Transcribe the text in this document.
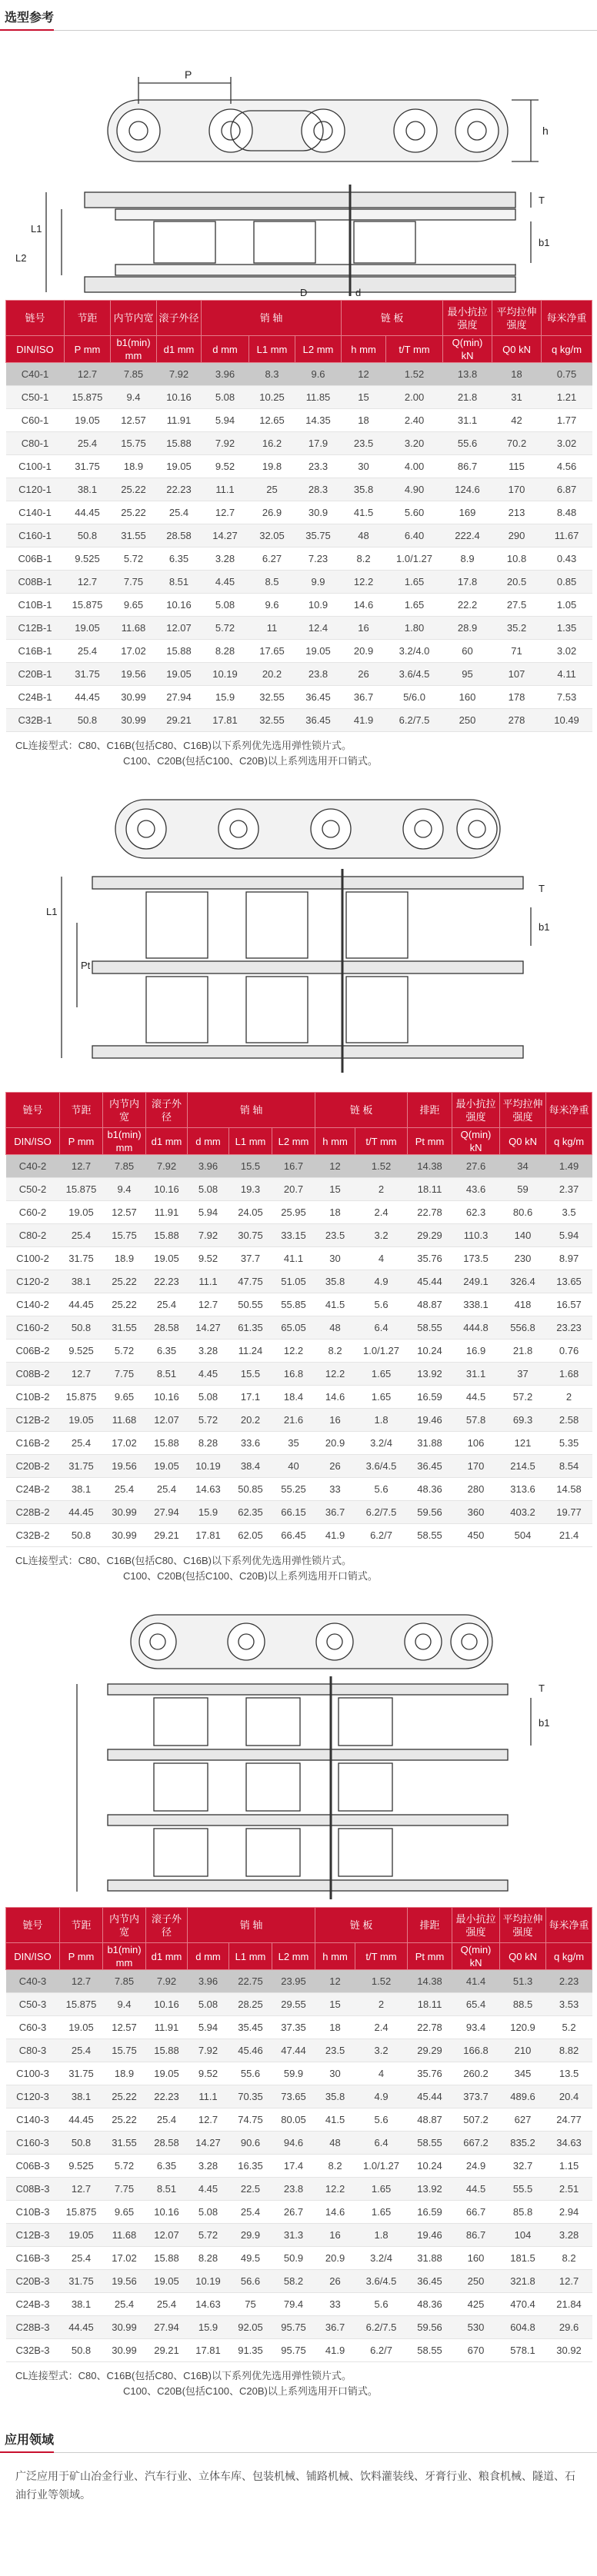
选型参考
P
h
T
b1
L1
L2
D	d
链号	节距	内节内宽	滚子外径	销 轴			链 板		最小抗拉强度	平均拉伸强度	每米净重
DIN/ISO	P mm	b1(min) mm	d1 mm	d mm	L1 mm	L2 mm	h mm	t/T mm	Q(min) kN	Q0 kN	q kg/m
C40-1	12.7	7.85	7.92	3.96	8.3	9.6	12	1.52	13.8	18	0.75
C50-1	15.875	9.4	10.16	5.08	10.25	11.85	15	2.00	21.8	31	1.21
C60-1	19.05	12.57	11.91	5.94	12.65	14.35	18	2.40	31.1	42	1.77
C80-1	25.4	15.75	15.88	7.92	16.2	17.9	23.5	3.20	55.6	70.2	3.02
C100-1	31.75	18.9	19.05	9.52	19.8	23.3	30	4.00	86.7	115	4.56
C120-1	38.1	25.22	22.23	11.1	25	28.3	35.8	4.90	124.6	170	6.87
C140-1	44.45	25.22	25.4	12.7	26.9	30.9	41.5	5.60	169	213	8.48
C160-1	50.8	31.55	28.58	14.27	32.05	35.75	48	6.40	222.4	290	11.67
C06B-1	9.525	5.72	6.35	3.28	6.27	7.23	8.2	1.0/1.27	8.9	10.8	0.43
C08B-1	12.7	7.75	8.51	4.45	8.5	9.9	12.2	1.65	17.8	20.5	0.85
C10B-1	15.875	9.65	10.16	5.08	9.6	10.9	14.6	1.65	22.2	27.5	1.05
C12B-1	19.05	11.68	12.07	5.72	11	12.4	16	1.80	28.9	35.2	1.35
C16B-1	25.4	17.02	15.88	8.28	17.65	19.05	20.9	3.2/4.0	60	71	3.02
C20B-1	31.75	19.56	19.05	10.19	20.2	23.8	26	3.6/4.5	95	107	4.11
C24B-1	44.45	30.99	27.94	15.9	32.55	36.45	36.7	5/6.0	160	178	7.53
C32B-1	50.8	30.99	29.21	17.81	32.55	36.45	41.9	6.2/7.5	250	278	10.49
CL连接型式：C80、C16B(包括C80、C16B)以下系列优先选用弹性锁片式。
C100、C20B(包括C100、C20B)以上系列选用开口销式。
L1
Pt
T
b1
链号	节距	内节内宽	滚子外径	销 轴			链 板		排距	最小抗拉强度	平均拉伸强度	每米净重
DIN/ISO	P mm	b1(min) mm	d1 mm	d mm	L1 mm	L2 mm	h mm	t/T mm	Pt mm	Q(min) kN	Q0 kN	q kg/m
C40-2	12.7	7.85	7.92	3.96	15.5	16.7	12	1.52	14.38	27.6	34	1.49
C50-2	15.875	9.4	10.16	5.08	19.3	20.7	15	2	18.11	43.6	59	2.37
C60-2	19.05	12.57	11.91	5.94	24.05	25.95	18	2.4	22.78	62.3	80.6	3.5
C80-2	25.4	15.75	15.88	7.92	30.75	33.15	23.5	3.2	29.29	110.3	140	5.94
C100-2	31.75	18.9	19.05	9.52	37.7	41.1	30	4	35.76	173.5	230	8.97
C120-2	38.1	25.22	22.23	11.1	47.75	51.05	35.8	4.9	45.44	249.1	326.4	13.65
C140-2	44.45	25.22	25.4	12.7	50.55	55.85	41.5	5.6	48.87	338.1	418	16.57
C160-2	50.8	31.55	28.58	14.27	61.35	65.05	48	6.4	58.55	444.8	556.8	23.23
C06B-2	9.525	5.72	6.35	3.28	11.24	12.2	8.2	1.0/1.27	10.24	16.9	21.8	0.76
C08B-2	12.7	7.75	8.51	4.45	15.5	16.8	12.2	1.65	13.92	31.1	37	1.68
C10B-2	15.875	9.65	10.16	5.08	17.1	18.4	14.6	1.65	16.59	44.5	57.2	2
C12B-2	19.05	11.68	12.07	5.72	20.2	21.6	16	1.8	19.46	57.8	69.3	2.58
C16B-2	25.4	17.02	15.88	8.28	33.6	35	20.9	3.2/4	31.88	106	121	5.35
C20B-2	31.75	19.56	19.05	10.19	38.4	40	26	3.6/4.5	36.45	170	214.5	8.54
C24B-2	38.1	25.4	25.4	14.63	50.85	55.25	33	5.6	48.36	280	313.6	14.58
C28B-2	44.45	30.99	27.94	15.9	62.35	66.15	36.7	6.2/7.5	59.56	360	403.2	19.77
C32B-2	50.8	30.99	29.21	17.81	62.05	66.45	41.9	6.2/7	58.55	450	504	21.4
CL连接型式：C80、C16B(包括C80、C16B)以下系列优先选用弹性锁片式。
C100、C20B(包括C100、C20B)以上系列选用开口销式。
b1
T
链号	节距	内节内宽	滚子外径	销 轴			链 板		排距	最小抗拉强度	平均拉伸强度	每米净重
DIN/ISO	P mm	b1(min) mm	d1 mm	d mm	L1 mm	L2 mm	h mm	t/T mm	Pt mm	Q(min) kN	Q0 kN	q kg/m
C40-3	12.7	7.85	7.92	3.96	22.75	23.95	12	1.52	14.38	41.4	51.3	2.23
C50-3	15.875	9.4	10.16	5.08	28.25	29.55	15	2	18.11	65.4	88.5	3.53
C60-3	19.05	12.57	11.91	5.94	35.45	37.35	18	2.4	22.78	93.4	120.9	5.2
C80-3	25.4	15.75	15.88	7.92	45.46	47.44	23.5	3.2	29.29	166.8	210	8.82
C100-3	31.75	18.9	19.05	9.52	55.6	59.9	30	4	35.76	260.2	345	13.5
C120-3	38.1	25.22	22.23	11.1	70.35	73.65	35.8	4.9	45.44	373.7	489.6	20.4
C140-3	44.45	25.22	25.4	12.7	74.75	80.05	41.5	5.6	48.87	507.2	627	24.77
C160-3	50.8	31.55	28.58	14.27	90.6	94.6	48	6.4	58.55	667.2	835.2	34.63
C06B-3	9.525	5.72	6.35	3.28	16.35	17.4	8.2	1.0/1.27	10.24	24.9	32.7	1.15
C08B-3	12.7	7.75	8.51	4.45	22.5	23.8	12.2	1.65	13.92	44.5	55.5	2.51
C10B-3	15.875	9.65	10.16	5.08	25.4	26.7	14.6	1.65	16.59	66.7	85.8	2.94
C12B-3	19.05	11.68	12.07	5.72	29.9	31.3	16	1.8	19.46	86.7	104	3.28
C16B-3	25.4	17.02	15.88	8.28	49.5	50.9	20.9	3.2/4	31.88	160	181.5	8.2
C20B-3	31.75	19.56	19.05	10.19	56.6	58.2	26	3.6/4.5	36.45	250	321.8	12.7
C24B-3	38.1	25.4	25.4	14.63	75	79.4	33	5.6	48.36	425	470.4	21.84
C28B-3	44.45	30.99	27.94	15.9	92.05	95.75	36.7	6.2/7.5	59.56	530	604.8	29.6
C32B-3	50.8	30.99	29.21	17.81	91.35	95.75	41.9	6.2/7	58.55	670	578.1	30.92
CL连接型式：C80、C16B(包括C80、C16B)以下系列优先选用弹性锁片式。
C100、C20B(包括C100、C20B)以上系列选用开口销式。
应用领域
广泛应用于矿山冶金行业、汽车行业、立体车库、包装机械、铺路机械、饮料灌装线、牙膏行业、粮食机械、隧道、石油行业等领域。
